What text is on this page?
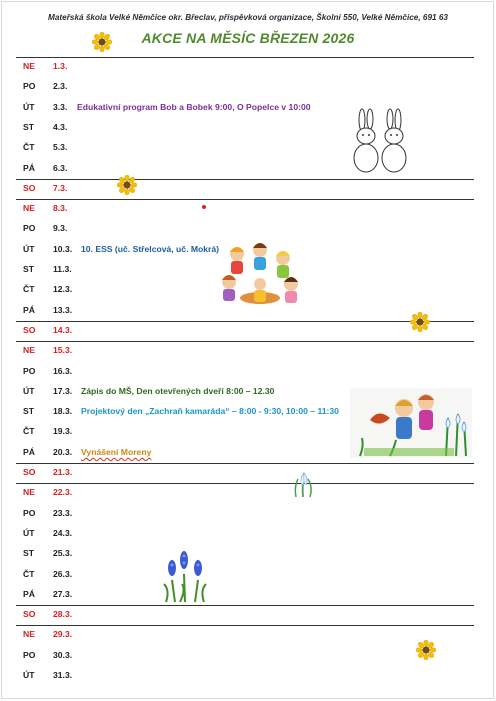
Mateřská škola Velké Němčice okr. Břeclav, příspěvková organizace, Školní 550, Velké Němčice, 691 63
AKCE NA MĚSÍC BŘEZEN 2026
NE 1.3.
PO 2.3.
ÚT 3.3. Edukativní program Bob a Bobek 9:00, O Popelce v 10:00
ST 4.3.
ČT 5.3.
PÁ 6.3.
SO 7.3.
NE 8.3.
PO 9.3.
ÚT 10.3. 10. ESS (uč. Střelcová, uč. Mokrá)
ST 11.3.
ČT 12.3.
PÁ 13.3.
SO 14.3.
NE 15.3.
PO 16.3.
ÚT 17.3. Zápis do MŠ, Den otevřených dveří 8:00 – 12.30
ST 18.3. Projektový den „Zachraň kamaráda“ – 8:00 - 9:30, 10:00 – 11:30
ČT 19.3.
PÁ 20.3. Vynášení Moreny
SO 21.3.
NE 22.3.
PO 23.3.
ÚT 24.3.
ST 25.3.
ČT 26.3.
PÁ 27.3.
SO 28.3.
NE 29.3.
PO 30.3.
ÚT 31.3.
